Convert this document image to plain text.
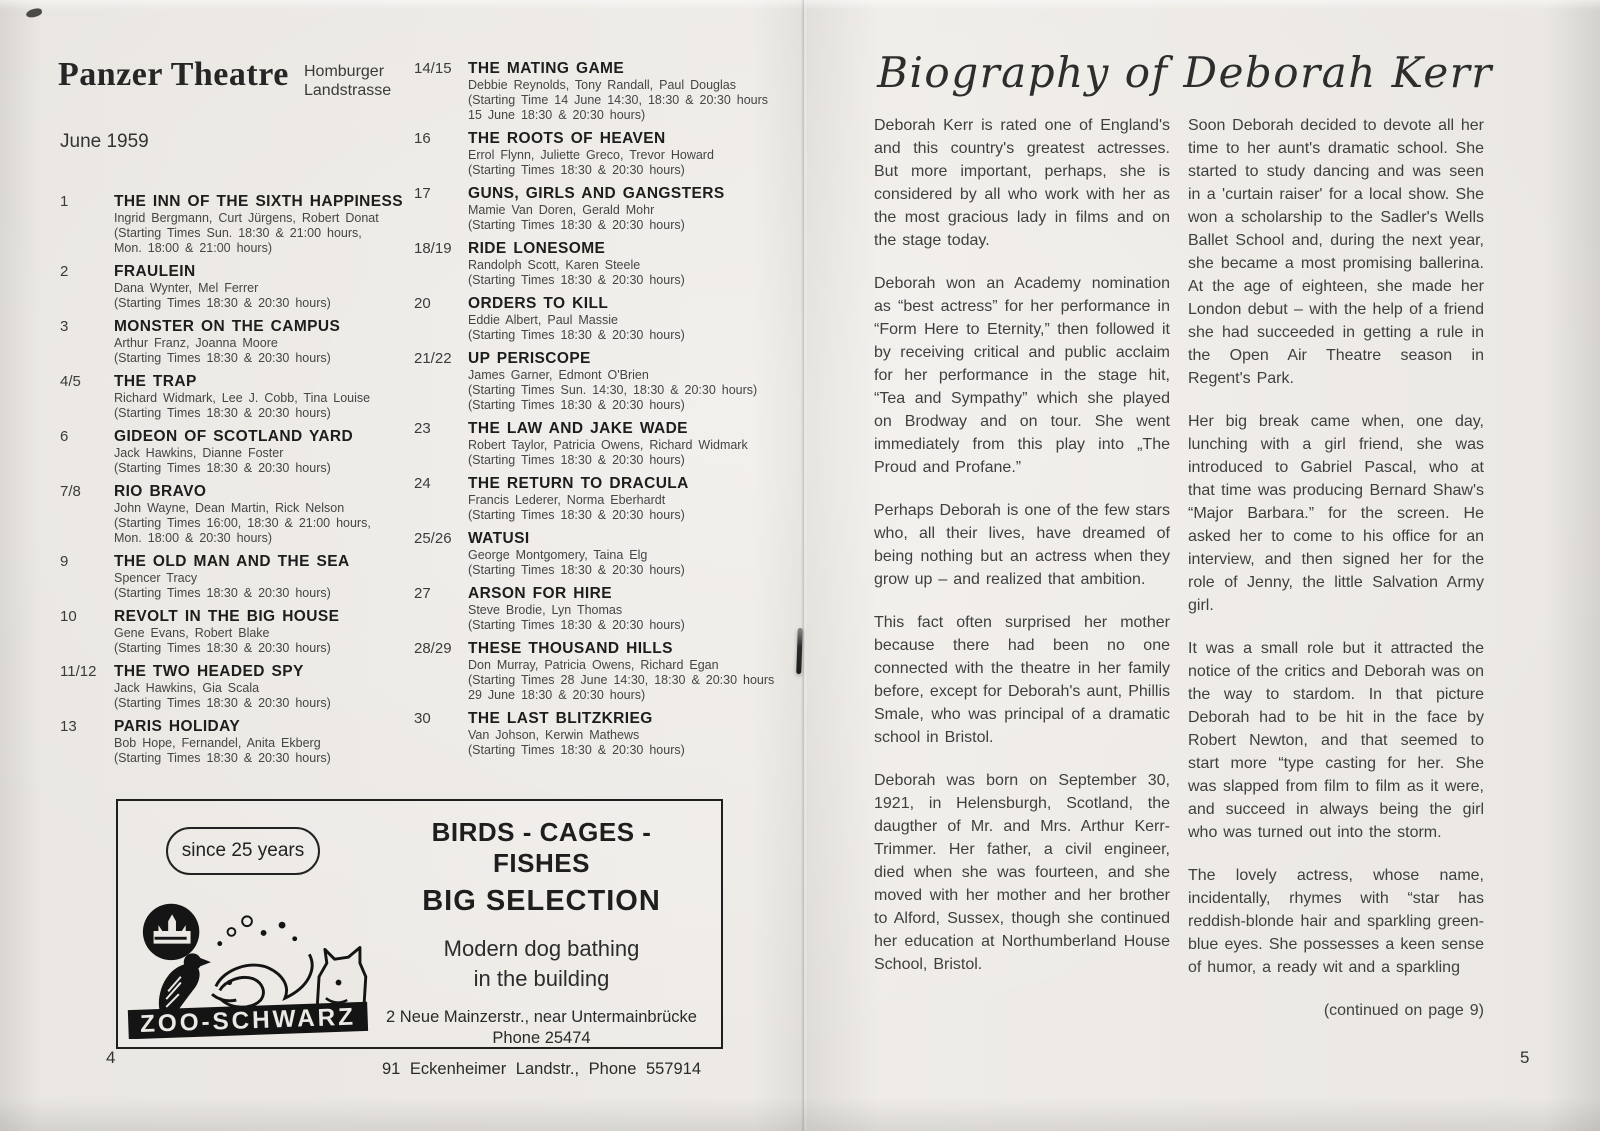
Panzer Theatre Homburger
Landstrasse
June 1959
1	THE INN OF THE SIXTH HAPPINESS
Ingrid Bergmann, Curt Jürgens, Robert Donat
(Starting Times Sun. 18:30 & 21:00 hours,
Mon. 18:00 & 21:00 hours)
2	FRAULEIN
Dana Wynter, Mel Ferrer
(Starting Times 18:30 & 20:30 hours)
3	MONSTER ON THE CAMPUS
Arthur Franz, Joanna Moore
(Starting Times 18:30 & 20:30 hours)
4/5	THE TRAP
Richard Widmark, Lee J. Cobb, Tina Louise
(Starting Times 18:30 & 20:30 hours)
6	GIDEON OF SCOTLAND YARD
Jack Hawkins, Dianne Foster
(Starting Times 18:30 & 20:30 hours)
7/8	RIO BRAVO
John Wayne, Dean Martin, Rick Nelson
(Starting Times 16:00, 18:30 & 21:00 hours,
Mon. 18:00 & 20:30 hours)
9	THE OLD MAN AND THE SEA
Spencer Tracy
(Starting Times 18:30 & 20:30 hours)
10	REVOLT IN THE BIG HOUSE
Gene Evans, Robert Blake
(Starting Times 18:30 & 20:30 hours)
11/12	THE TWO HEADED SPY
Jack Hawkins, Gia Scala
(Starting Times 18:30 & 20:30 hours)
13	PARIS HOLIDAY
Bob Hope, Fernandel, Anita Ekberg
(Starting Times 18:30 & 20:30 hours)
14/15	THE MATING GAME
Debbie Reynolds, Tony Randall, Paul Douglas
(Starting Time 14 June 14:30, 18:30 & 20:30 hours
15 June 18:30 & 20:30 hours)
16	THE ROOTS OF HEAVEN
Errol Flynn, Juliette Greco, Trevor Howard
(Starting Times 18:30 & 20:30 hours)
17	GUNS, GIRLS AND GANGSTERS
Mamie Van Doren, Gerald Mohr
(Starting Times 18:30 & 20:30 hours)
18/19	RIDE LONESOME
Randolph Scott, Karen Steele
(Starting Times 18:30 & 20:30 hours)
20	ORDERS TO KILL
Eddie Albert, Paul Massie
(Starting Times 18:30 & 20:30 hours)
21/22	UP PERISCOPE
James Garner, Edmont O'Brien
(Starting Times Sun. 14:30, 18:30 & 20:30 hours)
(Starting Times 18:30 & 20:30 hours)
23	THE LAW AND JAKE WADE
Robert Taylor, Patricia Owens, Richard Widmark
(Starting Times 18:30 & 20:30 hours)
24	THE RETURN TO DRACULA
Francis Lederer, Norma Eberhardt
(Starting Times 18:30 & 20:30 hours)
25/26	WATUSI
George Montgomery, Taina Elg
(Starting Times 18:30 & 20:30 hours)
27	ARSON FOR HIRE
Steve Brodie, Lyn Thomas
(Starting Times 18:30 & 20:30 hours)
28/29	THESE THOUSAND HILLS
Don Murray, Patricia Owens, Richard Egan
(Starting Times 28 June 14:30, 18:30 & 20:30 hours
29 June 18:30 & 20:30 hours)
30	THE LAST BLITZKRIEG
Van Johson, Kerwin Mathews
(Starting Times 18:30 & 20:30 hours)
since 25 years
ZOO-SCHWARZ
BIRDS - CAGES - FISHES
BIG SELECTION
Modern dog bathing
in the building
2 Neue Mainzerstr., near Untermainbrücke
Phone 25474
91 Eckenheimer Landstr., Phone 557914
4
Biography of Deborah Kerr

Deborah Kerr is rated one of England's and this country's greatest actresses. But more important, perhaps, she is considered by all who work with her as the most gracious lady in films and on the stage today.

Deborah won an Academy nomination as “best actress” for her performance in “Form Here to Eternity,” then followed it by receiving critical and public acclaim for her performance in the stage hit, “Tea and Sympathy” which she played on Brodway and on tour. She went immediately from this play into „The Proud and Profane.”

Perhaps Deborah is one of the few stars who, all their lives, have dreamed of being nothing but an actress when they grow up – and realized that ambition.

This fact often surprised her mother because there had been no one connected with the theatre in her family before, except for Deborah's aunt, Phillis Smale, who was principal of a dramatic school in Bristol.

Deborah was born on September 30, 1921, in Helensburgh, Scotland, the daugther of Mr. and Mrs. Arthur Kerr-Trimmer. Her father, a civil engineer, died when she was fourteen, and she moved with her mother and her brother to Alford, Sussex, though she continued her education at Northumberland House School, Bristol.

Soon Deborah decided to devote all her time to her aunt's dramatic school. She started to study dancing and was seen in a 'curtain raiser' for a local show. She won a scholarship to the Sadler's Wells Ballet School and, during the next year, she became a most promising ballerina. At the age of eighteen, she made her London debut – with the help of a friend she had succeeded in getting a rule in the Open Air Theatre season in Regent's Park.

Her big break came when, one day, lunching with a girl friend, she was introduced to Gabriel Pascal, who at that time was producing Bernard Shaw's “Major Barbara.” for the screen. He asked her to come to his office for an interview, and then signed her for the role of Jenny, the little Salvation Army girl.

It was a small role but it attracted the notice of the critics and Deborah was on the way to stardom. In that picture Deborah had to be hit in the face by Robert Newton, and that seemed to start more “type casting for her. She was slapped from film to film as it were, and succeed in always being the girl who was turned out into the storm.

The lovely actress, whose name, incidentally, rhymes with “star has reddish-blonde hair and sparkling green-blue eyes. She possesses a keen sense of humor, a ready wit and a sparkling

(continued on page 9)
5
